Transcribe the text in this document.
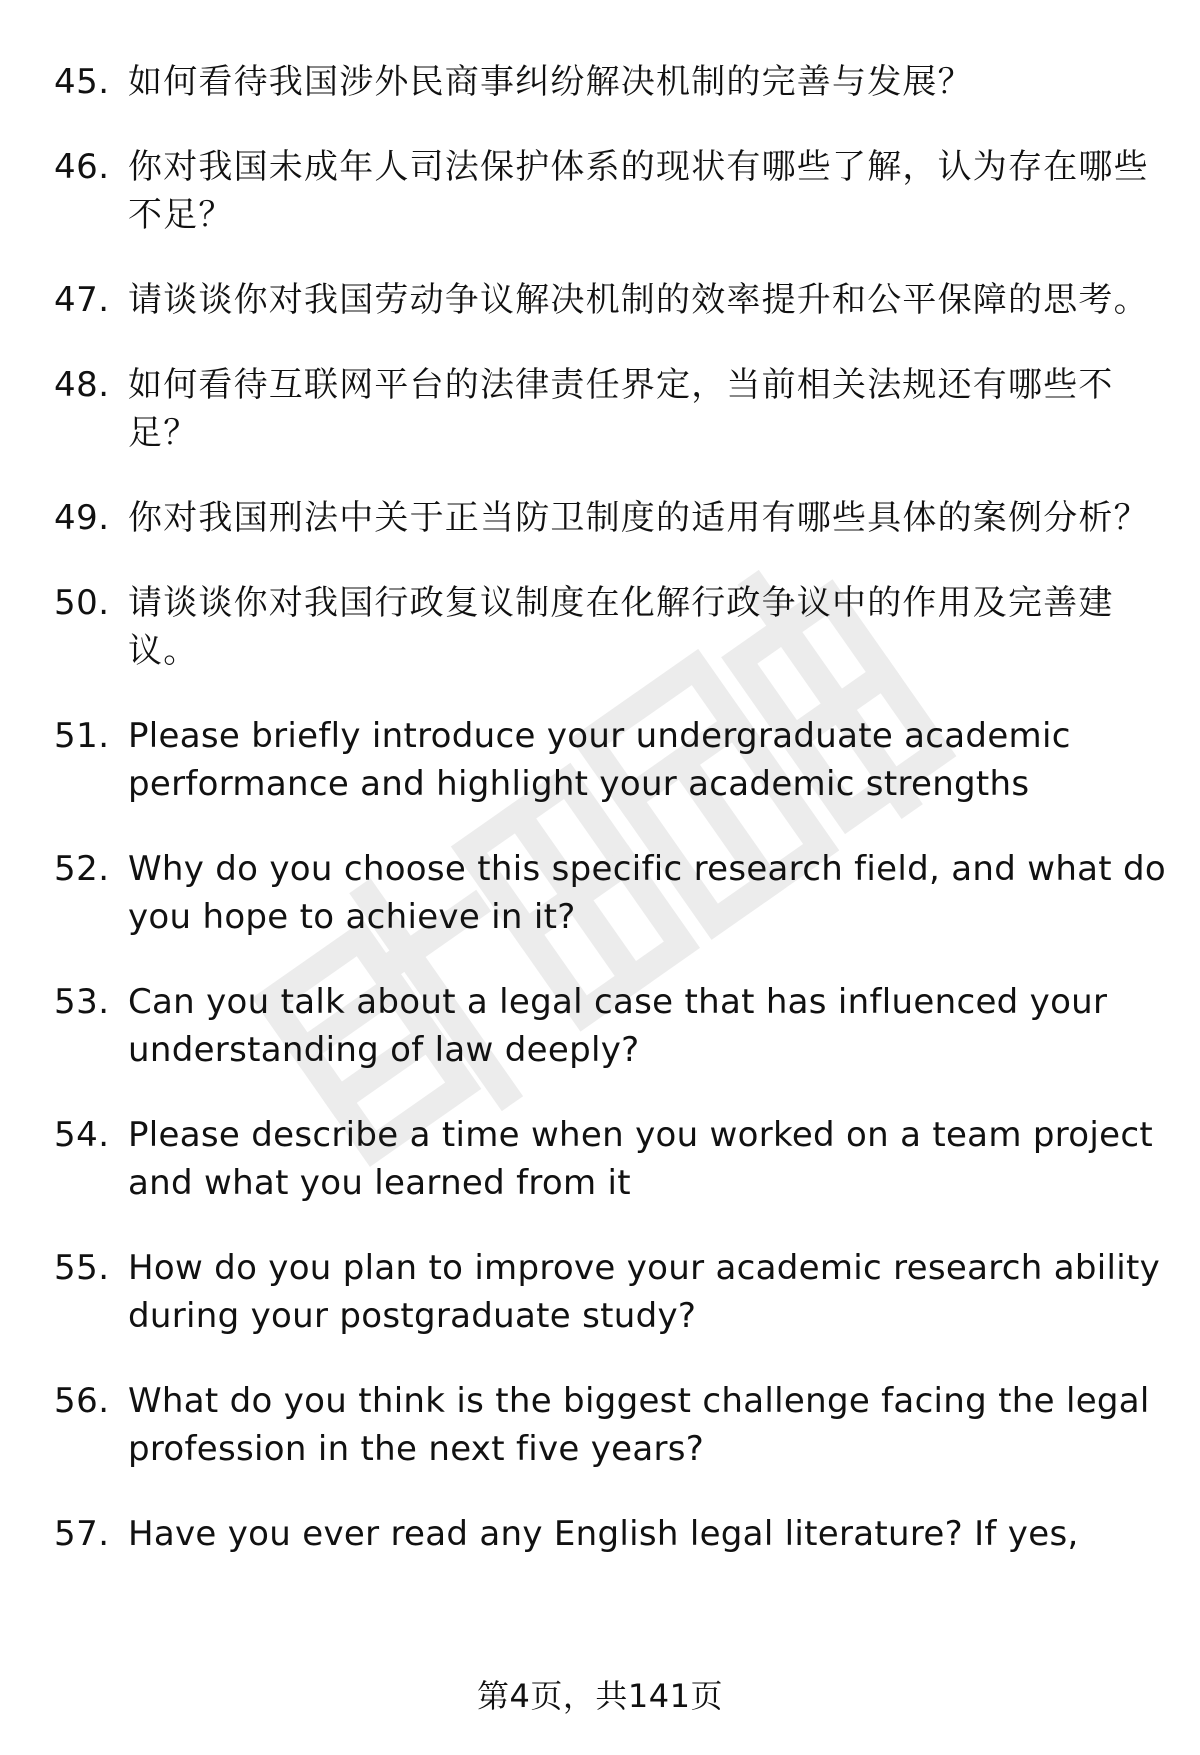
45. 如何看待我国涉外民商事纠纷解决机制的完善与发展？
46. 你对我国未成年人司法保护体系的现状有哪些了解，认为存在哪些不足？
47. 请谈谈你对我国劳动争议解决机制的效率提升和公平保障的思考。
48. 如何看待互联网平台的法律责任界定，当前相关法规还有哪些不足？
49. 你对我国刑法中关于正当防卫制度的适用有哪些具体的案例分析？
50. 请谈谈你对我国行政复议制度在化解行政争议中的作用及完善建议。
51. Please briefly introduce your undergraduate academic performance and highlight your academic strengths
52. Why do you choose this specific research field, and what do you hope to achieve in it?
53. Can you talk about a legal case that has influenced your understanding of law deeply?
54. Please describe a time when you worked on a team project and what you learned from it
55. How do you plan to improve your academic research ability during your postgraduate study?
56. What do you think is the biggest challenge facing the legal profession in the next five years?
57. Have you ever read any English legal literature? If yes,
第4页，共141页
